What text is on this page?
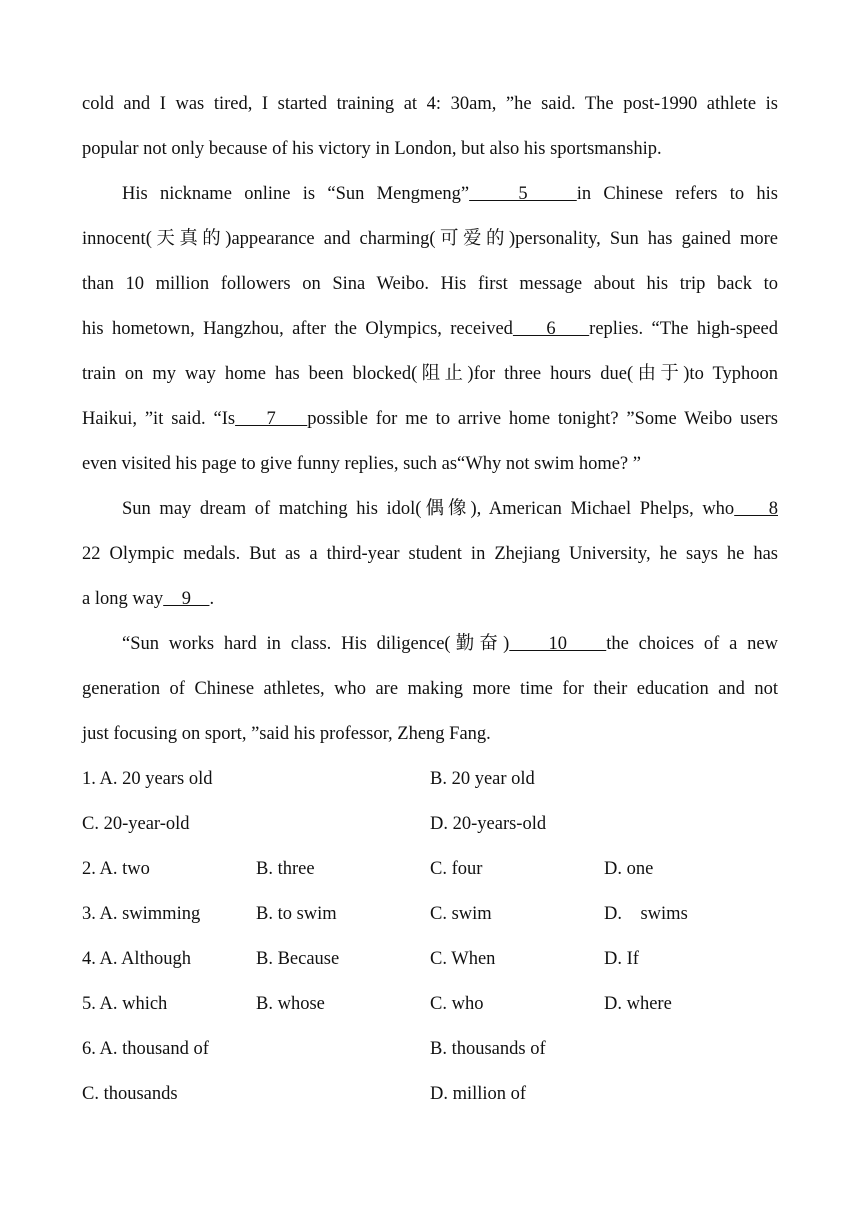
cold and I was tired, I started training at 4: 30am, ”he said. The post-1990 athlete is
popular not only because of his victory in London, but also his sportsmanship.
His nickname online is “Sun Mengmeng”    5    in Chinese refers to his
innocent(天真的)appearance and charming(可爱的)personality, Sun has gained more
than 10 million followers on Sina Weibo. His first message about his trip back to
his hometown, Hangzhou, after the Olympics, received    6    replies. “The high-speed
train on my way home has been blocked(阻止)for three hours due(由于)to Typhoon
Haikui, ”it said. “Is    7    possible for me to arrive home tonight? ”Some Weibo users
even visited his page to give funny replies, such as“Why not swim home? ”
Sun may dream of matching his idol(偶像), American Michael Phelps, who    8
22 Olympic medals. But as a third-year student in Zhejiang University, he says he has
a long way    9    .
“Sun works hard in class. His diligence(勤奋)    10    the choices of a new
generation of Chinese athletes, who are making more time for their education and not
just focusing on sport, ”said his professor, Zheng Fang.
1. A. 20 years old	B. 20 year old
C. 20-year-old	D. 20-years-old
2. A. two	B. three	C. four	D. one
3. A. swimming	B. to swim	C. swim	D.    swims
4. A. Although	B. Because	C. When	D. If
5. A. which	B. whose	C. who	D. where
6. A. thousand of	B. thousands of
C. thousands	D. million of
